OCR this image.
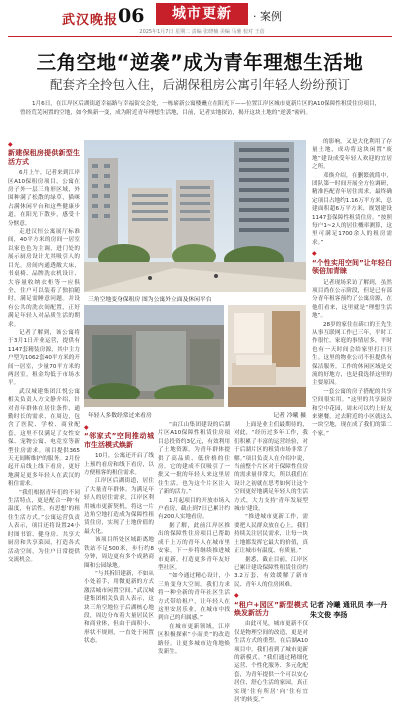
武汉晚报 06	城市更新	· 案例
2025年1月7日 星期二 责编 张晓楠 美编 马驰 校对 王蓓
三角空地“逆袭”成为青年理想生活地
配套齐全拎包入住，后湖保租房公寓引年轻人纷纷预订
1月6日，在江岸区后湖街道幸福路与幸福街交会处，一栋崭新公寓楼矗立在阳光下——位置江岸区城市更新片区的A10保障性租赁住房项目，曾经荒芜闲置的空地，如今焕新一变，成为附近青年理想生活地，目前，记者实地探访，揭开这块土地的“逆袭”密码。
◆
新建保租房提供新型生活方式

6月上午，记者来到江岸区A10保租房项目，公寓在房子外一层三角形区域，外围种满了松散的绿草，猫咪占满休闲平台和这些健康步道，在阳光下散步，感受十分惬意。

走进汉恒公寓展厅标准间，40平方米的房间一居室以家色色为主调，进门处的展示厨房设计尤其吸引人的目光。房间内通透敞大床，书桌椅、品牌洗衣机设计、大容量收纳衣柜等一应俱全，住户可以装着了独拍随时，满足需睡意问题。并设有公共的洗衣间配置，正好满足年轻人对品质生活的期求。

记者了解到，该公寓将于3月1日开业运营，提供有1147套精装房源，其中主力户型为1062套40平方米的开间一居室，少量70平方米的两居室，租金均低于市场水平。

武汉城建集团江悦公寓相关负责人方文静介绍，针对青年群体在居住条件、通勤时长的需求，在周边，包含了医院、学校、商业配套，这里不仅满足了女性安保、宠物公寓、电竞室等新型住房需求。项目提供365天无间断维护的服务。2月份起开启线上线下看房，更好地满足更多年轻人在武汉的租住需求。

“我们根据青年们的不同生活特点，更是配合一种‘有温度，有活性，有思想’的租住生活方式。”公寓运营负责人表示，项目还将设置24小时图书馆、健身房、共享大厨房和共享菜园，打造各式活动空间，为住户日常提供交流机会。

三角空地变身保租房 图为公寓外立面及休闲平台

的影响。又是大化利用了存量土地，成功将这块闲置“废地”建设成受年轻人欢迎的宜居之所。

邓焕介绍，在删繁就简中，团队第一时间开展全方位调研，精准匹配青年居住需求，最终确定项目占地约1.16万平方米，总建面积超6万平方米，规划建设1147套保障性租赁住房。“按照每户1~2人的居住概率测算，这里可满足1700余人的租房需求。”

◆
“个性实用空间”让年轻白领倍加青睐

记者现场采访了解到，虽然项目尚在公示阶段，但是已有部分青年租客预约了公寓房源，在他们看来，这里就是“理想生活地”。

28岁的家住在硚口的王先生从事互联网工作已三年，平时工作很忙，家庭的事情居多，平时也有一天时间会给家里打扫卫生。这里的物业公司不但提供有保洁服务。工作的休闲区域是交流的好地方，也是我选择这里的主要原因。

一套公寓的房子搭配的共享空间很实用。“这里的共享厨房和空中花园，周末可以约上好友来聚餐，过去附近的小区就这么一块空地，现在成了我们的第二个家。”

年轻人多数经常过来看房	记者 冷曦 摄
◆
“邻家式”空间推动城市生活模式焕新

10月，公寓还开启了线上预约看房和线下看房，以方便租客的租住需求。

江岸区后湖街道，居住了大量青年群体。为满足年轻人的居住需求，江岸区利用城市更新契机，将这一片边角空地打造成为保障性租赁住房，实现了土地价值的最大化。

该项目所处区域距离地铁站不足500米，步行约8分钟，周边更有多个成熟商圈和公园绿地。

“与其拆旧建新，不如从小处着手，用微更新的方式激活城市闲置空间。”武汉城建集团相关负责人表示，这块三角空地位于后湖核心地段，周边分布着大量居民区和商业体，但由于面积小、形状不规则，一直处于闲置状态。

“由江山集团建设的后湖片区A10保障性租赁住房项目总投资约3亿元，有效利用了土地资源，为青年群体提供了高品质、低价格的住房。它的建成不仅吸引了一批又一批的年轻人来这里居住生活，也为这个片区注入了新的活力。”

1月起项目的开放市场入户看房，截止到7日已累计约有200人实地看房。

据了解，此前江岸区推出的保障性住房项目已帮助成千上万的青年人在城市里安家，下一步将继续推进城市更新，打造更多青年友好型社区。

“如今通过精心设计，小三角变身大空间。我们力求将一种全新的青年社区生活方式带给租户，让年轻人在这里安居乐业，在城市中找到自己的归属感。”

在城市更新领域，江岸区积极探索“小而美”的改造路径，让更多城市边角地焕发新生。

上面是业主们最期待的，对此，“经历过多年工作，我们积累了丰富的运营经验，对于后湖片区的租赁市场非常了解。”项目负责人在介绍中说，当前整个片区对于保障性住房的需求量非常大，所以我们在设计之初就在思考如何让这个空间更好地满足年轻人的生活方式，大力支持‘青年发展型城市’建设。

“推进城市更新工作，需要把人民群众放在心上，我们持续关注居民需求，让每一块土地都发挥它最大的价值，真正让城市有温度、有质量。”

据悉，截止目前，江岸区已累计建设保障性租赁住房约3.2万套，有效缓解了新市民、青年人的住房困难。

◆
“租户+园区”新型模式焕发新活力

由此可见，城市更新不仅仅是物理空间的改造，更是对生活方式的重塑。在后湖A10项目中，我们看到了城市更新的新模式。“我们通过精细化运营、个性化服务、多元化配套，为青年提供一个可以安心居住、舒心生活的家园，真正实现‘住有所居’向‘住有宜居’的转变。”

记者 冷曦 通讯员 李一丹 朱文俊 李扬
